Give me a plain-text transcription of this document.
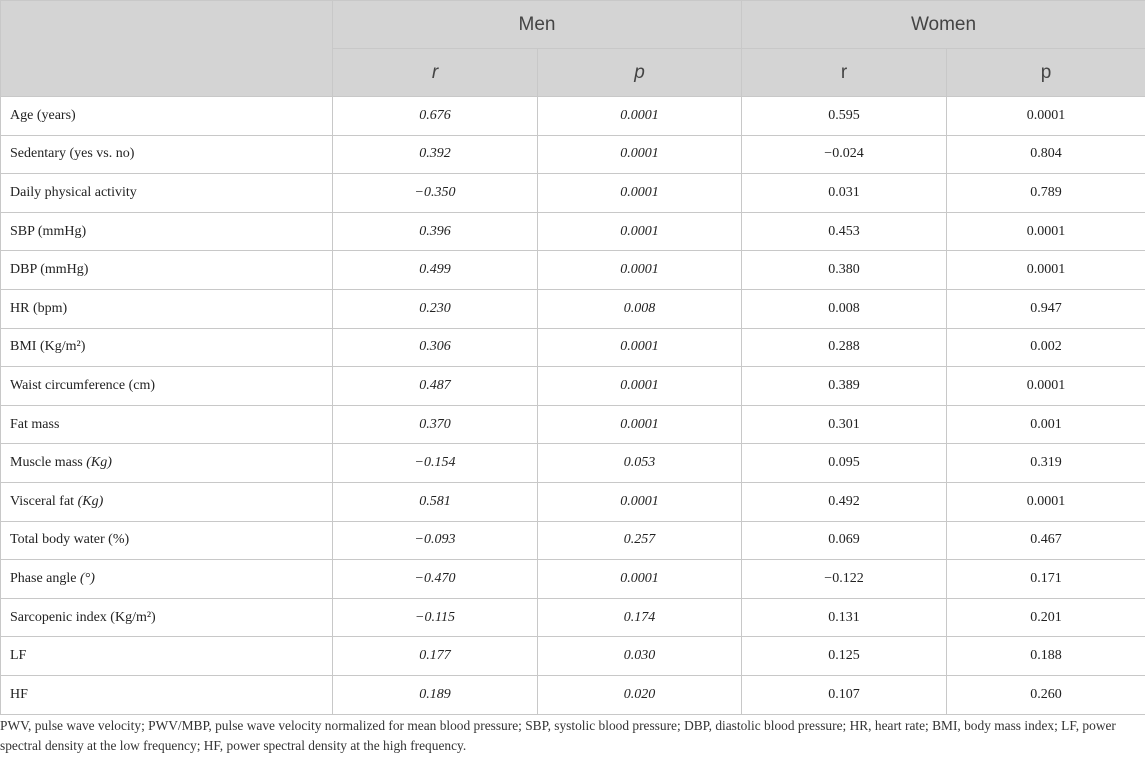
	Men		Women	
	r	p	r	p
Age (years)	0.676	0.0001	0.595	0.0001
Sedentary (yes vs. no)	0.392	0.0001	−0.024	0.804
Daily physical activity	−0.350	0.0001	0.031	0.789
SBP (mmHg)	0.396	0.0001	0.453	0.0001
DBP (mmHg)	0.499	0.0001	0.380	0.0001
HR (bpm)	0.230	0.008	0.008	0.947
BMI (Kg/m²)	0.306	0.0001	0.288	0.002
Waist circumference (cm)	0.487	0.0001	0.389	0.0001
Fat mass	0.370	0.0001	0.301	0.001
Muscle mass (Kg)	−0.154	0.053	0.095	0.319
Visceral fat (Kg)	0.581	0.0001	0.492	0.0001
Total body water (%)	−0.093	0.257	0.069	0.467
Phase angle (°)	−0.470	0.0001	−0.122	0.171
Sarcopenic index (Kg/m²)	−0.115	0.174	0.131	0.201
LF	0.177	0.030	0.125	0.188
HF	0.189	0.020	0.107	0.260
PWV, pulse wave velocity; PWV/MBP, pulse wave velocity normalized for mean blood pressure; SBP, systolic blood pressure; DBP, diastolic blood pressure; HR, heart rate; BMI, body mass index; LF, power spectral density at the low frequency; HF, power spectral density at the high frequency.
